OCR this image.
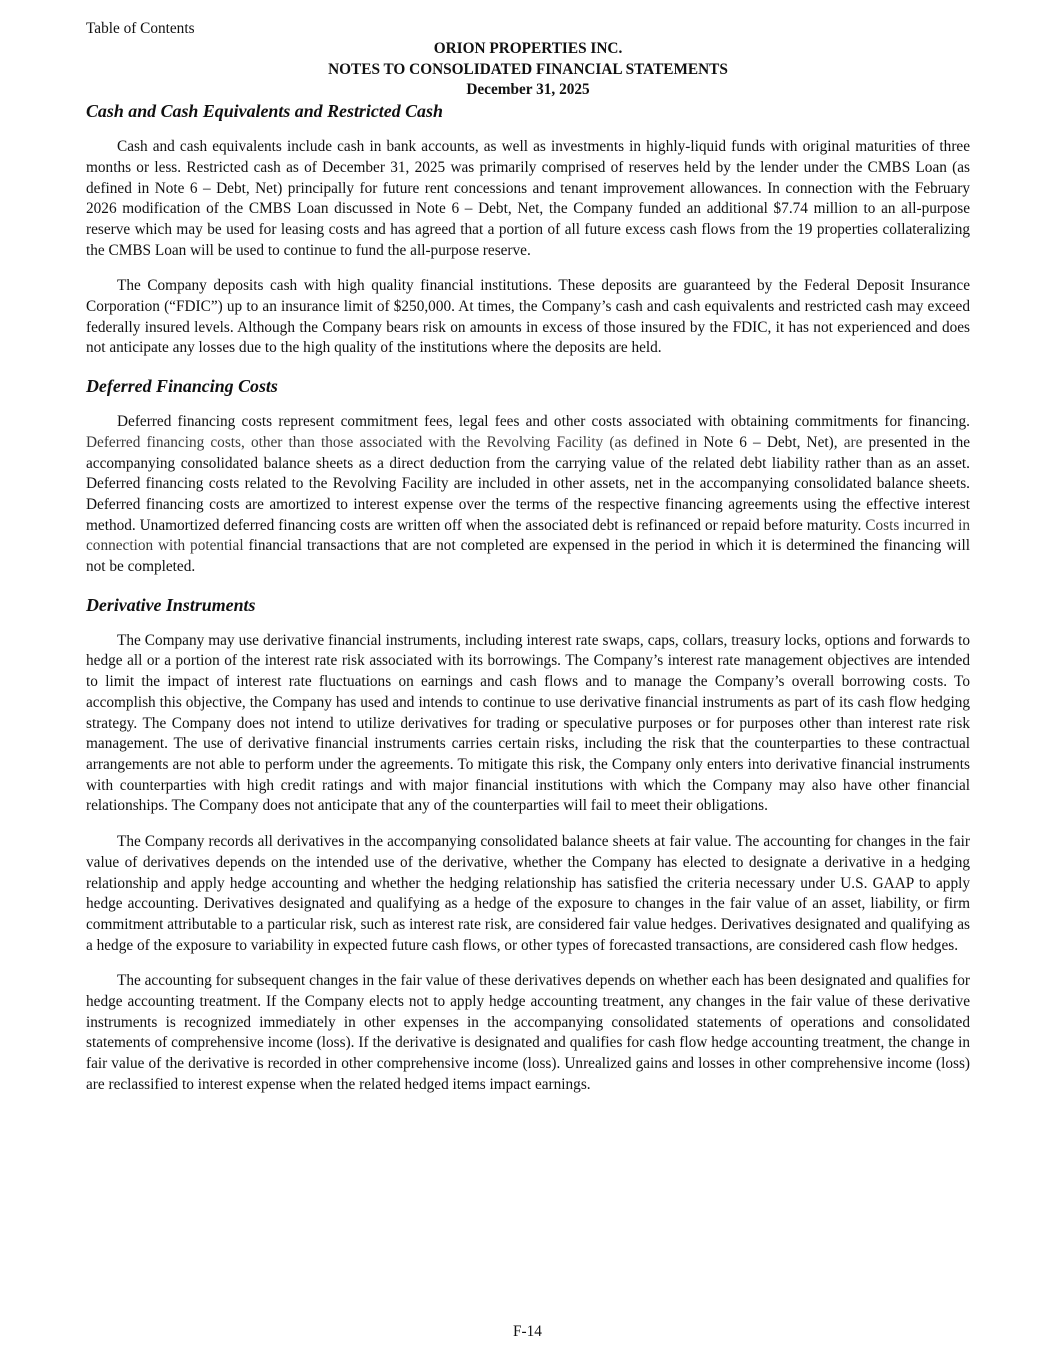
Table of Contents
ORION PROPERTIES INC.
NOTES TO CONSOLIDATED FINANCIAL STATEMENTS
December 31, 2025
Cash and Cash Equivalents and Restricted Cash

Cash and cash equivalents include cash in bank accounts, as well as investments in highly-liquid funds with original maturities of three months or less. Restricted cash as of December 31, 2025 was primarily comprised of reserves held by the lender under the CMBS Loan (as defined in Note 6 – Debt, Net) principally for future rent concessions and tenant improvement allowances. In connection with the February 2026 modification of the CMBS Loan discussed in Note 6 – Debt, Net, the Company funded an additional $7.74 million to an all-purpose reserve which may be used for leasing costs and has agreed that a portion of all future excess cash flows from the 19 properties collateralizing the CMBS Loan will be used to continue to fund the all-purpose reserve.

The Company deposits cash with high quality financial institutions. These deposits are guaranteed by the Federal Deposit Insurance Corporation (“FDIC”) up to an insurance limit of $250,000. At times, the Company’s cash and cash equivalents and restricted cash may exceed federally insured levels. Although the Company bears risk on amounts in excess of those insured by the FDIC, it has not experienced and does not anticipate any losses due to the high quality of the institutions where the deposits are held.

Deferred Financing Costs

Deferred financing costs represent commitment fees, legal fees and other costs associated with obtaining commitments for financing. Deferred financing costs, other than those associated with the Revolving Facility (as defined in Note 6 – Debt, Net), are presented in the accompanying consolidated balance sheets as a direct deduction from the carrying value of the related debt liability rather than as an asset. Deferred financing costs related to the Revolving Facility are included in other assets, net in the accompanying consolidated balance sheets. Deferred financing costs are amortized to interest expense over the terms of the respective financing agreements using the effective interest method. Unamortized deferred financing costs are written off when the associated debt is refinanced or repaid before maturity. Costs incurred in connection with potential financial transactions that are not completed are expensed in the period in which it is determined the financing will not be completed.

Derivative Instruments

The Company may use derivative financial instruments, including interest rate swaps, caps, collars, treasury locks, options and forwards to hedge all or a portion of the interest rate risk associated with its borrowings. The Company’s interest rate management objectives are intended to limit the impact of interest rate fluctuations on earnings and cash flows and to manage the Company’s overall borrowing costs. To accomplish this objective, the Company has used and intends to continue to use derivative financial instruments as part of its cash flow hedging strategy. The Company does not intend to utilize derivatives for trading or speculative purposes or for purposes other than interest rate risk management. The use of derivative financial instruments carries certain risks, including the risk that the counterparties to these contractual arrangements are not able to perform under the agreements. To mitigate this risk, the Company only enters into derivative financial instruments with counterparties with high credit ratings and with major financial institutions with which the Company may also have other financial relationships. The Company does not anticipate that any of the counterparties will fail to meet their obligations.

The Company records all derivatives in the accompanying consolidated balance sheets at fair value. The accounting for changes in the fair value of derivatives depends on the intended use of the derivative, whether the Company has elected to designate a derivative in a hedging relationship and apply hedge accounting and whether the hedging relationship has satisfied the criteria necessary under U.S. GAAP to apply hedge accounting. Derivatives designated and qualifying as a hedge of the exposure to changes in the fair value of an asset, liability, or firm commitment attributable to a particular risk, such as interest rate risk, are considered fair value hedges. Derivatives designated and qualifying as a hedge of the exposure to variability in expected future cash flows, or other types of forecasted transactions, are considered cash flow hedges.

The accounting for subsequent changes in the fair value of these derivatives depends on whether each has been designated and qualifies for hedge accounting treatment. If the Company elects not to apply hedge accounting treatment, any changes in the fair value of these derivative instruments is recognized immediately in other expenses in the accompanying consolidated statements of operations and consolidated statements of comprehensive income (loss). If the derivative is designated and qualifies for cash flow hedge accounting treatment, the change in fair value of the derivative is recorded in other comprehensive income (loss). Unrealized gains and losses in other comprehensive income (loss) are reclassified to interest expense when the related hedged items impact earnings.

F-14
